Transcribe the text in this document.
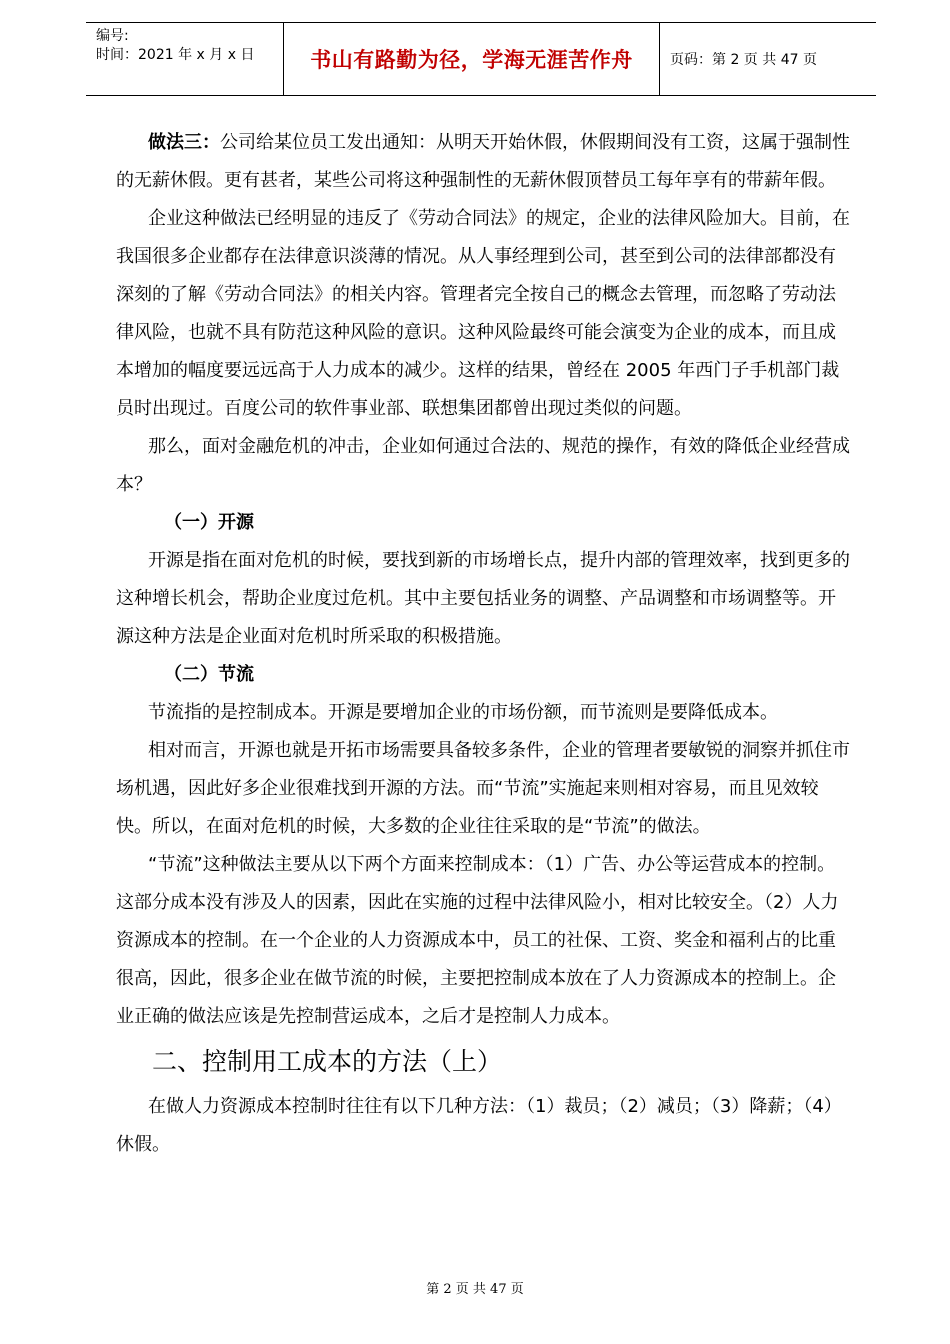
编号:
时间：2021 年 x 月 x 日	书山有路勤为径，学海无涯苦作舟	页码：第 2 页 共 47 页

做法三：公司给某位员工发出通知：从明天开始休假，休假期间没有工资，这属于强制性的无薪休假。更有甚者，某些公司将这种强制性的无薪休假顶替员工每年享有的带薪年假。

企业这种做法已经明显的违反了《劳动合同法》的规定，企业的法律风险加大。目前，在我国很多企业都存在法律意识淡薄的情况。从人事经理到公司，甚至到公司的法律部都没有深刻的了解《劳动合同法》的相关内容。管理者完全按自己的概念去管理，而忽略了劳动法律风险，也就不具有防范这种风险的意识。这种风险最终可能会演变为企业的成本，而且成本增加的幅度要远远高于人力成本的减少。这样的结果，曾经在 2005 年西门子手机部门裁员时出现过。百度公司的软件事业部、联想集团都曾出现过类似的问题。

那么，面对金融危机的冲击，企业如何通过合法的、规范的操作，有效的降低企业经营成本？

（一）开源

开源是指在面对危机的时候，要找到新的市场增长点，提升内部的管理效率，找到更多的这种增长机会，帮助企业度过危机。其中主要包括业务的调整、产品调整和市场调整等。开源这种方法是企业面对危机时所采取的积极措施。

（二）节流

节流指的是控制成本。开源是要增加企业的市场份额，而节流则是要降低成本。

相对而言，开源也就是开拓市场需要具备较多条件，企业的管理者要敏锐的洞察并抓住市场机遇，因此好多企业很难找到开源的方法。而“节流”实施起来则相对容易，而且见效较快。所以，在面对危机的时候，大多数的企业往往采取的是“节流”的做法。

“节流”这种做法主要从以下两个方面来控制成本：（1）广告、办公等运营成本的控制。这部分成本没有涉及人的因素，因此在实施的过程中法律风险小，相对比较安全。（2）人力资源成本的控制。在一个企业的人力资源成本中，员工的社保、工资、奖金和福利占的比重很高，因此，很多企业在做节流的时候，主要把控制成本放在了人力资源成本的控制上。企业正确的做法应该是先控制营运成本，之后才是控制人力成本。

二、控制用工成本的方法（上）

在做人力资源成本控制时往往有以下几种方法：（1）裁员；（2）减员；（3）降薪；（4）休假。

第 2 页 共 47 页
